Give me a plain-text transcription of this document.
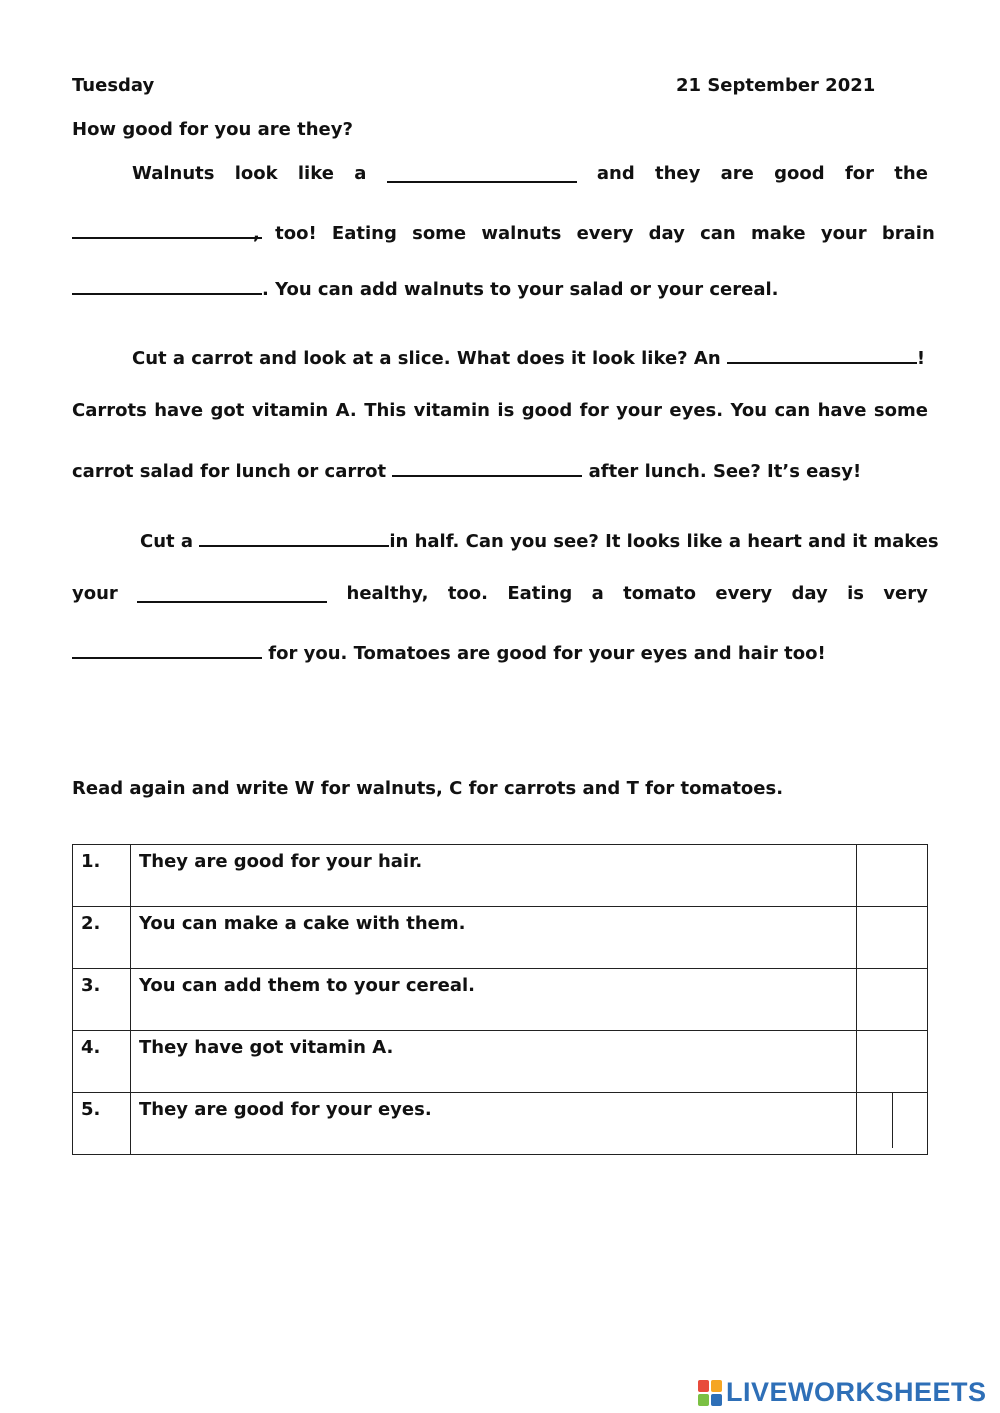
Tuesday	21 September 2021
How good for you are they?
Walnuts look like a	and they are good for the
, too! Eating some walnuts every day can make your brain
. You can add walnuts to your salad or your cereal.
Cut a carrot and look at a slice. What does it look like? An	!
Carrots have got vitamin A. This vitamin is good for your eyes. You can have some
carrot salad for lunch or carrot	after lunch. See? It’s easy!
Cut a	in half. Can you see? It looks like a heart and it makes
your	healthy, too. Eating a tomato every day is very
for you. Tomatoes are good for your eyes and hair too!
Read again and write W for walnuts, C for carrots and T for tomatoes.
1.	They are good for your hair.	
2.	You can make a cake with them.	
3.	You can add them to your cereal.	
4.	They have got vitamin A.	
5.	They are good for your eyes.	
LIVEWORKSHEETS
